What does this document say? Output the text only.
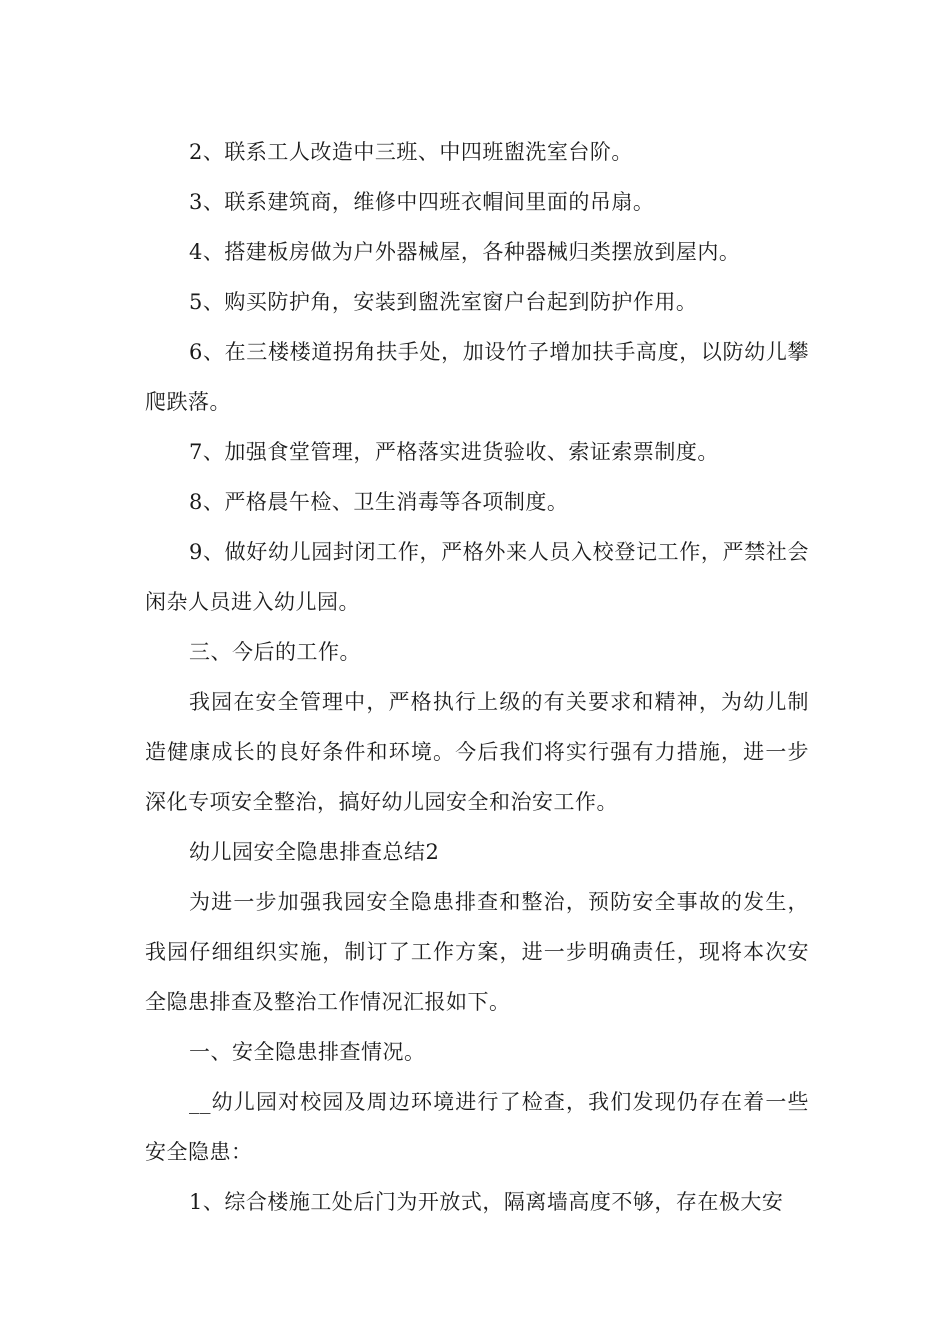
2、联系工人改造中三班、中四班盥洗室台阶。

3、联系建筑商，维修中四班衣帽间里面的吊扇。

4、搭建板房做为户外器械屋，各种器械归类摆放到屋内。

5、购买防护角，安装到盥洗室窗户台起到防护作用。

6、在三楼楼道拐角扶手处，加设竹子增加扶手高度，以防幼儿攀爬跌落。

7、加强食堂管理，严格落实进货验收、索证索票制度。

8、严格晨午检、卫生消毒等各项制度。

9、做好幼儿园封闭工作，严格外来人员入校登记工作，严禁社会闲杂人员进入幼儿园。

三、今后的工作。

我园在安全管理中，严格执行上级的有关要求和精神，为幼儿制造健康成长的良好条件和环境。今后我们将实行强有力措施，进一步深化专项安全整治，搞好幼儿园安全和治安工作。

幼儿园安全隐患排查总结2

为进一步加强我园安全隐患排查和整治，预防安全事故的发生，我园仔细组织实施，制订了工作方案，进一步明确责任，现将本次安全隐患排查及整治工作情况汇报如下。

一、安全隐患排查情况。

__幼儿园对校园及周边环境进行了检查，我们发现仍存在着一些安全隐患：

1、综合楼施工处后门为开放式，隔离墙高度不够，存在极大安
